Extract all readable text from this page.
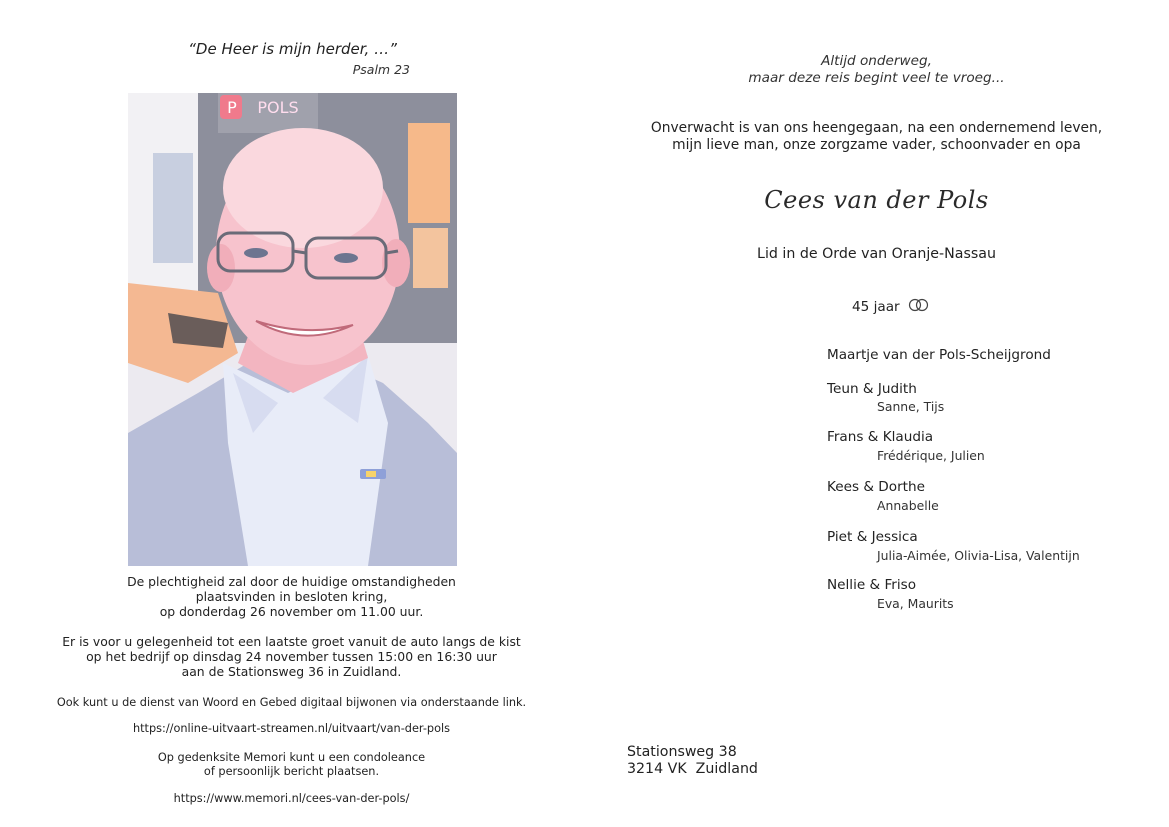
“De Heer is mijn herder, …”
Psalm 23
P POLS
De plechtigheid zal door de huidige omstandigheden
plaatsvinden in besloten kring,
op donderdag 26 november om 11.00 uur.
Er is voor u gelegenheid tot een laatste groet vanuit de auto langs de kist
op het bedrijf op dinsdag 24 november tussen 15:00 en 16:30 uur
aan de Stationsweg 36 in Zuidland.
Ook kunt u de dienst van Woord en Gebed digitaal bijwonen via onderstaande link.
https://online-uitvaart-streamen.nl/uitvaart/van-der-pols
Op gedenksite Memori kunt u een condoleance
of persoonlijk bericht plaatsen.
https://www.memori.nl/cees-van-der-pols/
Altijd onderweg,
maar deze reis begint veel te vroeg...
Onverwacht is van ons heengegaan, na een ondernemend leven,
mijn lieve man, onze zorgzame vader, schoonvader en opa
Cees van der Pols
Lid in de Orde van Oranje-Nassau
45 jaar
Maartje van der Pols-Scheijgrond
Teun & Judith
Sanne, Tijs
Frans & Klaudia
Frédérique, Julien
Kees & Dorthe
Annabelle
Piet & Jessica
Julia-Aimée, Olivia-Lisa, Valentijn
Nellie & Friso
Eva, Maurits
Stationsweg 38
3214 VK  Zuidland
